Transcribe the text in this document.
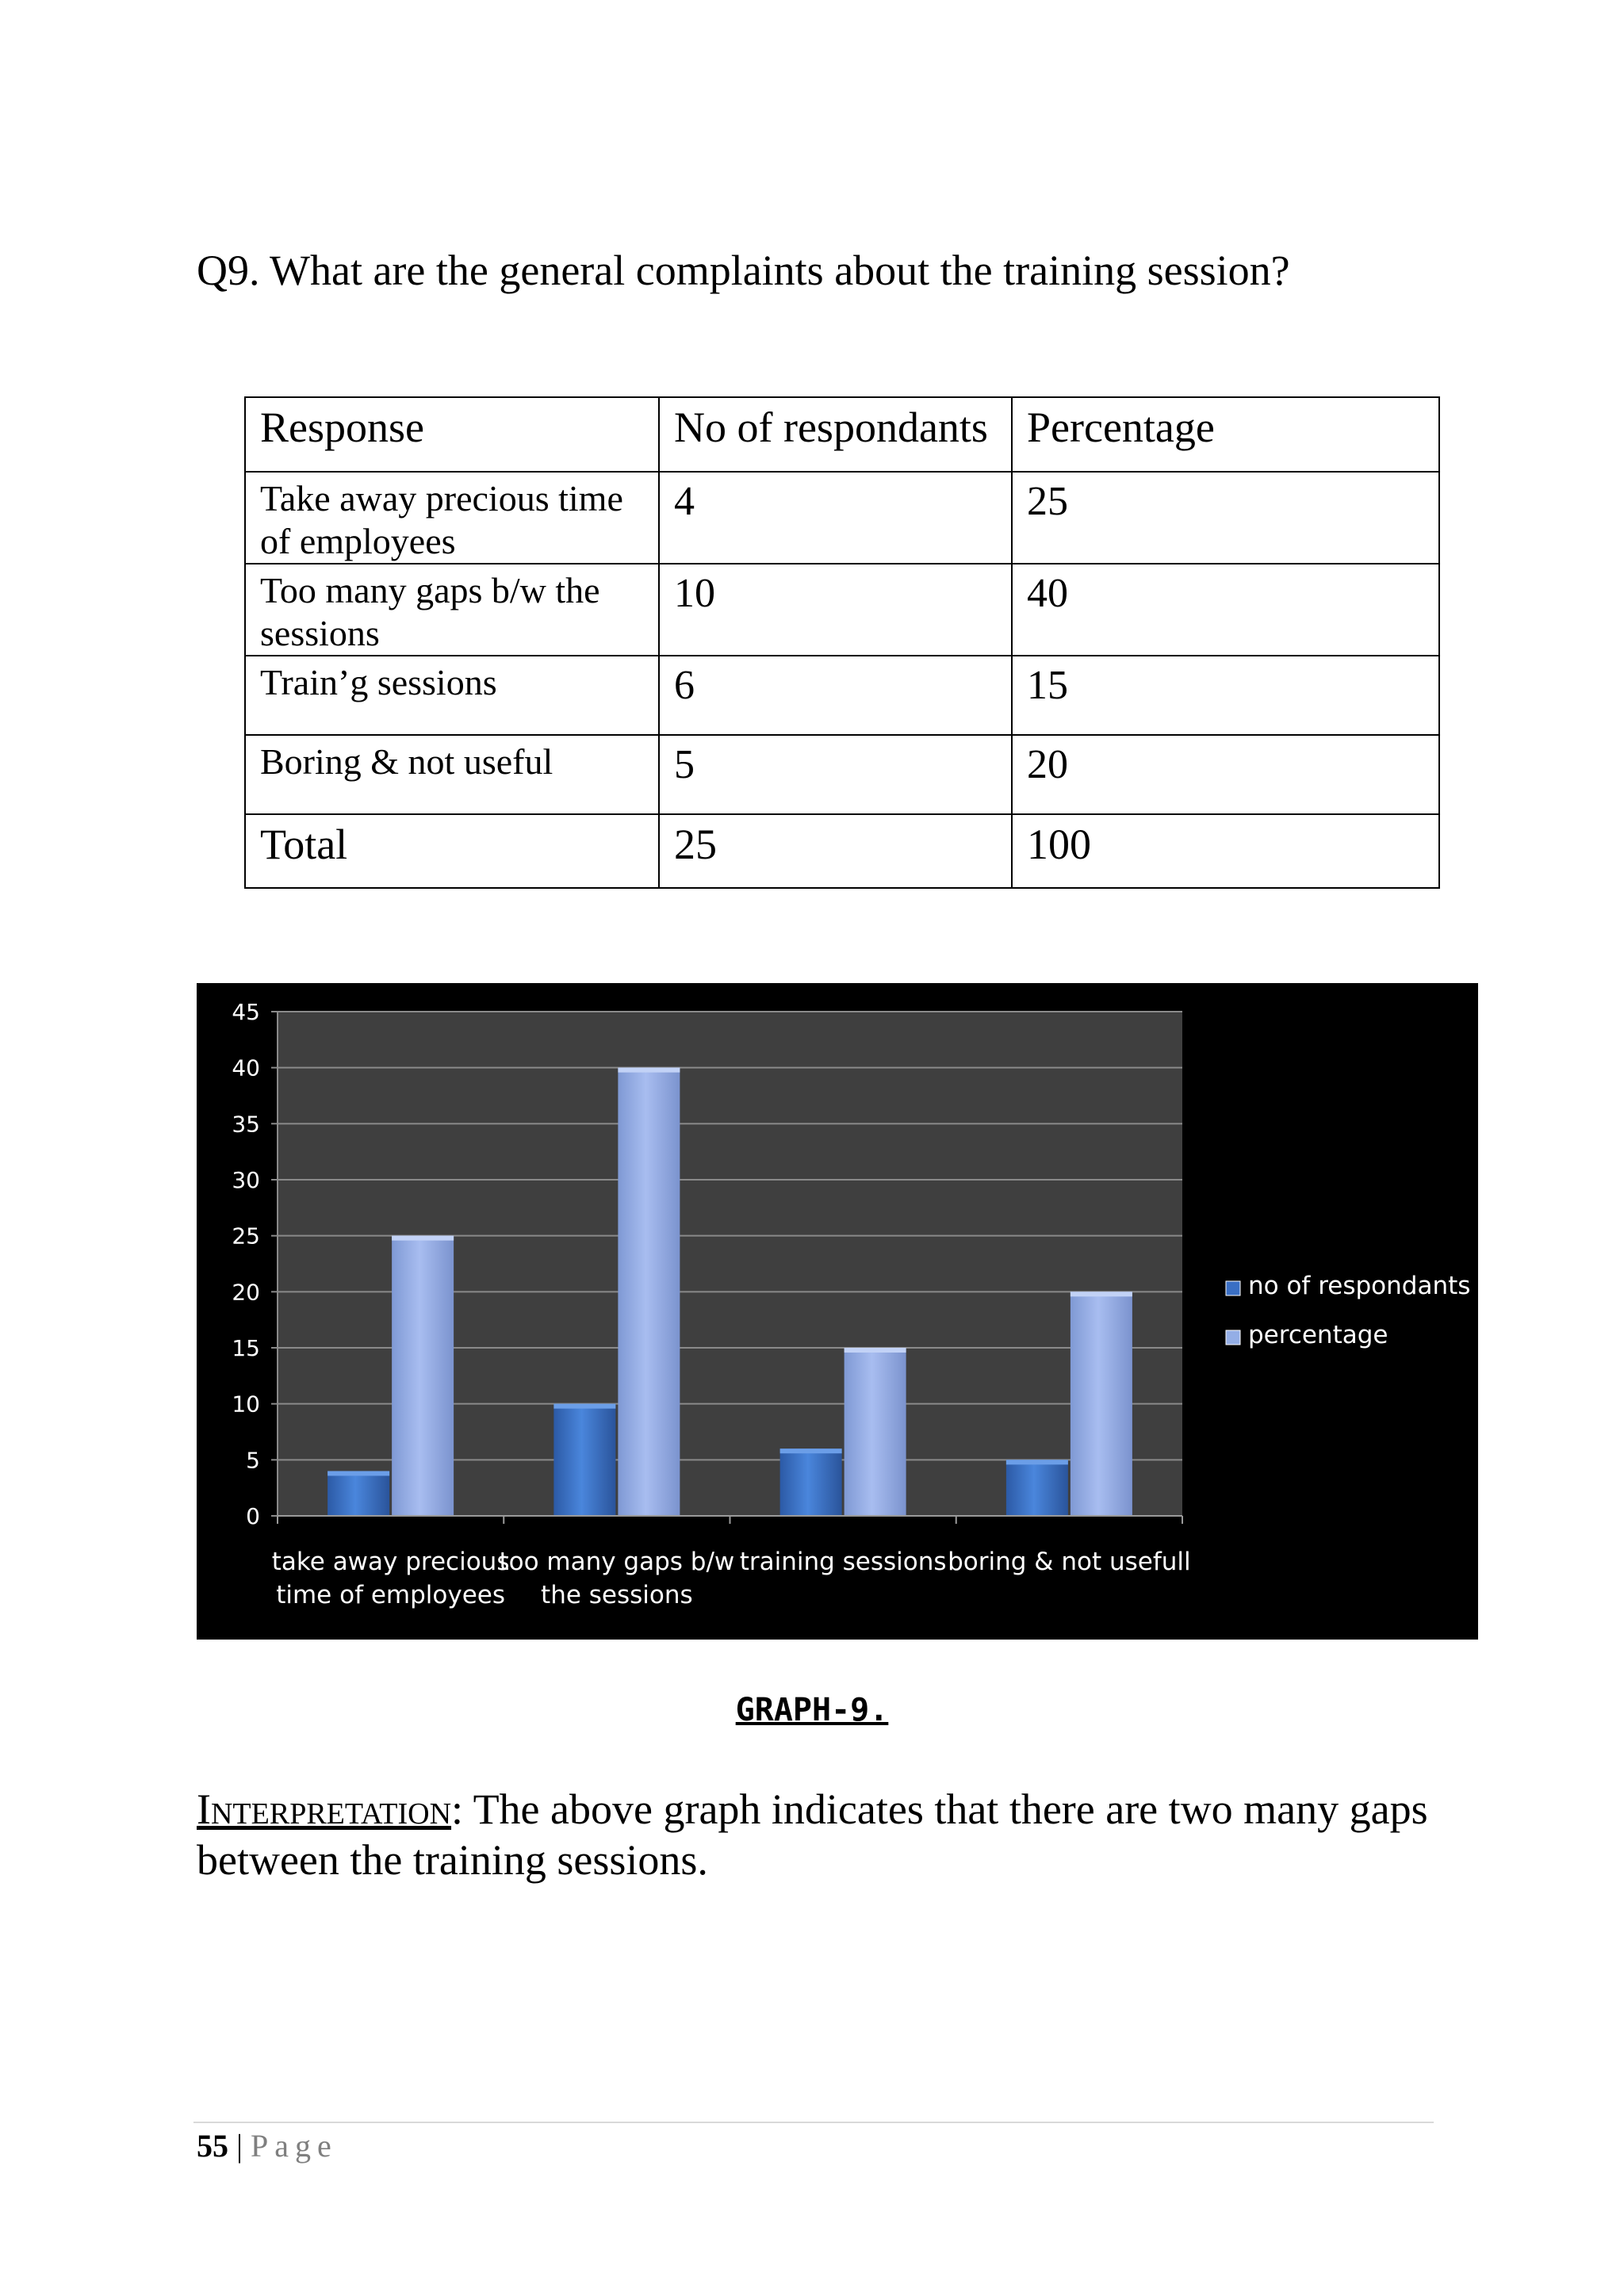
Q9. What are the general complaints about the training session?
Response	No of respondants	Percentage
Take away precious time
of employees	4	25
Too many gaps b/w the
sessions	10	40
Train’g sessions	6	15
Boring & not useful	5	20
Total	25	100
0
5
10
15
20
25
30
35
40
45
take away precious
time of employees
too many gaps b/w
the sessions
training sessions boring & not usefull
no of respondants
percentage
GRAPH-9.

Interpretation: The above graph indicates that there are two many gaps between the training sessions.

55 | Page
